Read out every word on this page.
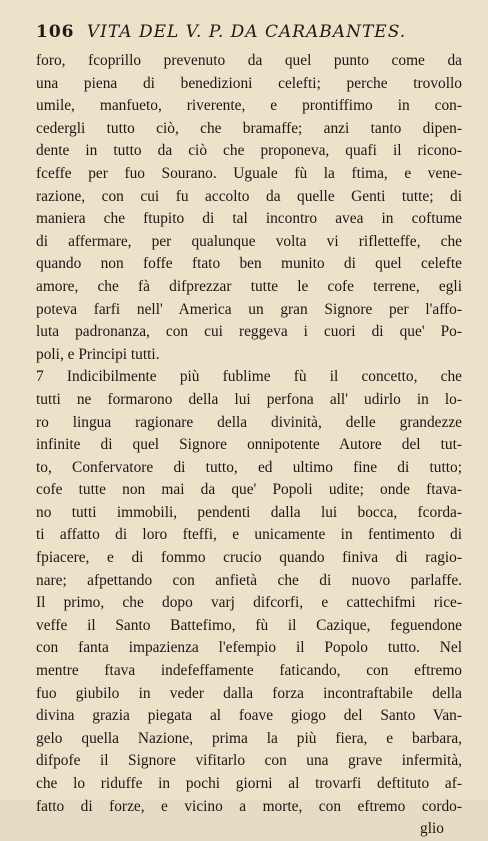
106 VITA DEL V. P. DA CARABANTES.
foro, fcoprillo prevenuto da quel punto come da
una piena di benedizioni celefti; perche trovollo
umile, manfueto, riverente, e prontiffimo in con-
cedergli tutto ciò, che bramaffe; anzi tanto dipen-
dente in tutto da ciò che proponeva, quafi il ricono-
fceffe per fuo Sourano. Uguale fù la ftima, e vene-
razione, con cui fu accolto da quelle Genti tutte; di
maniera che ftupito di tal incontro avea in coftume
di affermare, per qualunque volta vi rifletteffe, che
quando non foffe ftato ben munito di quel celefte
amore, che fà difprezzar tutte le cofe terrene, egli
poteva farfi nell' America un gran Signore per l'affo-
luta padronanza, con cui reggeva i cuori di que' Po-
poli, e Principi tutti.
7 Indicibilmente più fublime fù il concetto, che
tutti ne formarono della lui perfona all' udirlo in lo-
ro lingua ragionare della divinità, delle grandezze
infinite di quel Signore onnipotente Autore del tut-
to, Confervatore di tutto, ed ultimo fine di tutto;
cofe tutte non mai da que' Popoli udite; onde ftava-
no tutti immobili, pendenti dalla lui bocca, fcorda-
ti affatto di loro fteffi, e unicamente in fentimento di
fpiacere, e di fommo crucio quando finiva di ragio-
nare; afpettando con anfietà che di nuovo parlaffe.
Il primo, che dopo varj difcorfi, e cattechifmi rice-
veffe il Santo Battefimo, fù il Cazique, feguendone
con fanta impazienza l'efempio il Popolo tutto. Nel
mentre ftava indefeffamente faticando, con eftremo
fuo giubilo in veder dalla forza incontraftabile della
divina grazia piegata al foave giogo del Santo Van-
gelo quella Nazione, prima la più fiera, e barbara,
difpofe il Signore vifitarlo con una grave infermità,
che lo riduffe in pochi giorni al trovarfi deftituto af-
fatto di forze, e vicino a morte, con eftremo cordo-
glio
